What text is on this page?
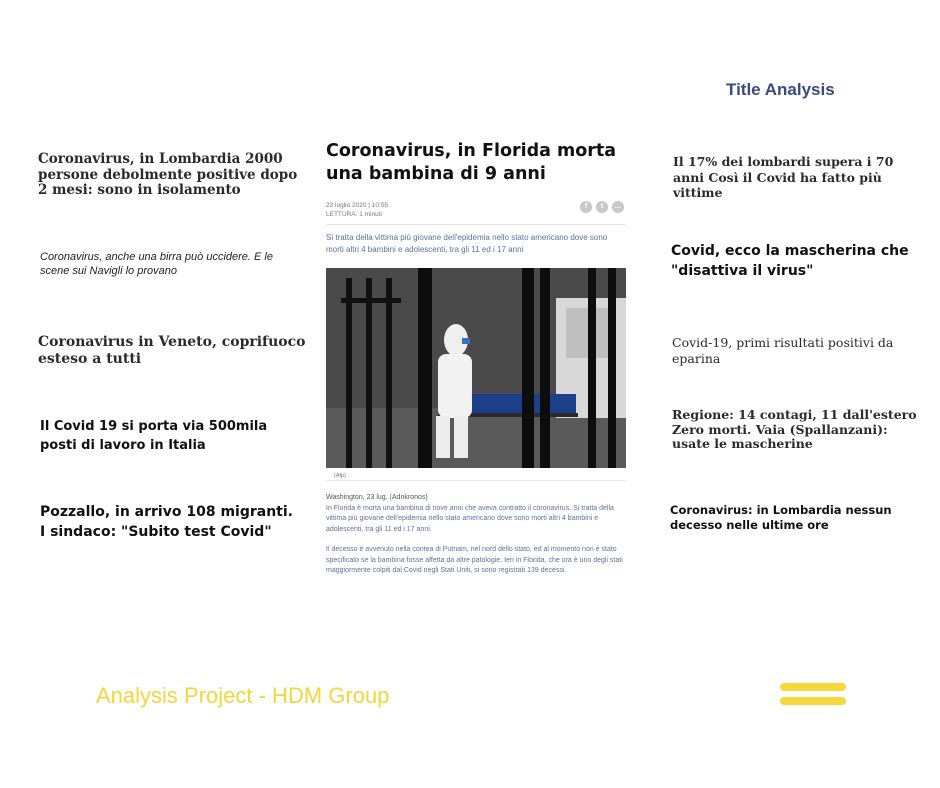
Title Analysis
Coronavirus, in Lombardia 2000 persone debolmente positive dopo 2 mesi: sono in isolamento
Coronavirus, anche una birra può uccidere. E le scene sui Navigli lo provano
Coronavirus in Veneto, coprifuoco esteso a tutti
Il Covid 19 si porta via 500mila posti di lavoro in Italia
Pozzallo, in arrivo 108 migranti. I sindaco: "Subito test Covid"
Il 17% dei lombardi supera i 70 anni Così il Covid ha fatto più vittime
Covid, ecco la mascherina che "disattiva il virus"
Covid-19, primi risultati positivi da eparina
Regione: 14 contagi, 11 dall'estero Zero morti. Vaia (Spallanzani): usate le mascherine
Coronavirus: in Lombardia nessun decesso nelle ultime ore
Coronavirus, in Florida morta una bambina di 9 anni
23 luglio 2020 | 10:55
LETTURA: 1 minuti
f	t	…
Si tratta della vittima più giovane dell'epidemia nello stato americano dove sono morti altri 4 bambini e adolescenti, tra gli 11 ed i 17 anni
(Afp)
Washington, 23 lug. (Adnkronos)

In Florida è morta una bambina di nove anni che aveva contratto il coronavirus. Si tratta della vittima più giovane dell'epidemia nello stato americano dove sono morti altri 4 bambini e adolescenti, tra gli 11 ed i 17 anni.

Il decesso è avvenuto nella contea di Putnam, nel nord dello stato, ed al momento non è stato specificato se la bambina fosse affetta da altre patologie. Ieri in Florida, che ora è uno degli stati maggiormente colpiti dal Covid negli Stati Uniti, si sono registrati 139 decessi.

Analysis Project - HDM Group
